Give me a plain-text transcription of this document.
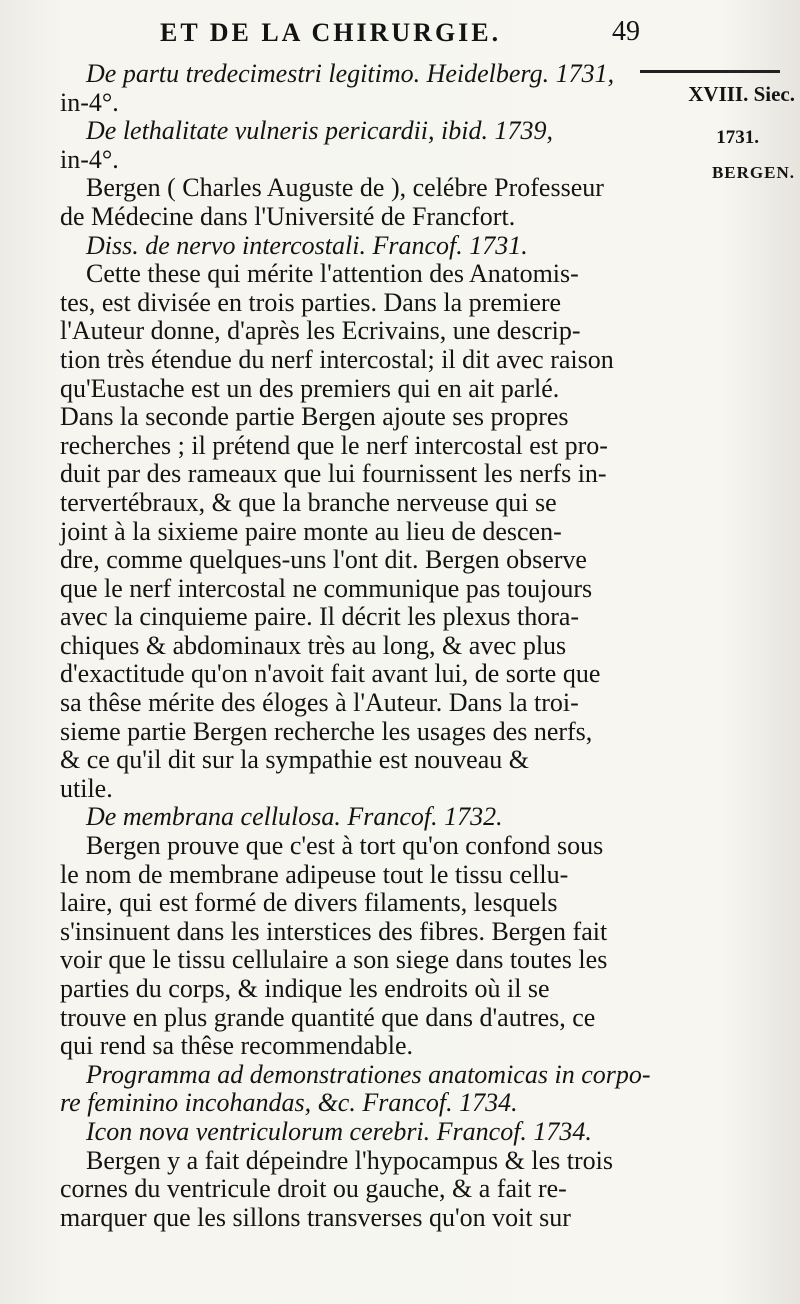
ET DE LA CHIRURGIE.	49
XVIII. Siec.
1731.
BERGEN.

De partu tredecimestri legitimo. Heidelberg. 1731,

in-4°.

De lethalitate vulneris pericardii, ibid. 1739,

in-4°.

Bergen ( Charles Auguste de ), celébre Professeur

de Médecine dans l'Université de Francfort.

Diss. de nervo intercostali. Francof. 1731.

Cette these qui mérite l'attention des Anatomis-

tes, est divisée en trois parties. Dans la premiere
l'Auteur donne, d'après les Ecrivains, une descrip-
tion très étendue du nerf intercostal; il dit avec raison
qu'Eustache est un des premiers qui en ait parlé.
Dans la seconde partie Bergen ajoute ses propres
recherches ; il prétend que le nerf intercostal est pro-
duit par des rameaux que lui fournissent les nerfs in-
tervertébraux, & que la branche nerveuse qui se
joint à la sixieme paire monte au lieu de descen-
dre, comme quelques-uns l'ont dit. Bergen observe
que le nerf intercostal ne communique pas toujours
avec la cinquieme paire. Il décrit les plexus thora-
chiques & abdominaux très au long, & avec plus
d'exactitude qu'on n'avoit fait avant lui, de sorte que
sa thêse mérite des éloges à l'Auteur. Dans la troi-
sieme partie Bergen recherche les usages des nerfs,
& ce qu'il dit sur la sympathie est nouveau &
utile.

De membrana cellulosa. Francof. 1732.

Bergen prouve que c'est à tort qu'on confond sous

le nom de membrane adipeuse tout le tissu cellu-
laire, qui est formé de divers filaments, lesquels
s'insinuent dans les interstices des fibres. Bergen fait
voir que le tissu cellulaire a son siege dans toutes les
parties du corps, & indique les endroits où il se
trouve en plus grande quantité que dans d'autres, ce
qui rend sa thêse recommendable.

Programma ad demonstrationes anatomicas in corpo-

re feminino incohandas, &c. Francof. 1734.

Icon nova ventriculorum cerebri. Francof. 1734.

Bergen y a fait dépeindre l'hypocampus & les trois

cornes du ventricule droit ou gauche, & a fait re-
marquer que les sillons transverses qu'on voit sur
